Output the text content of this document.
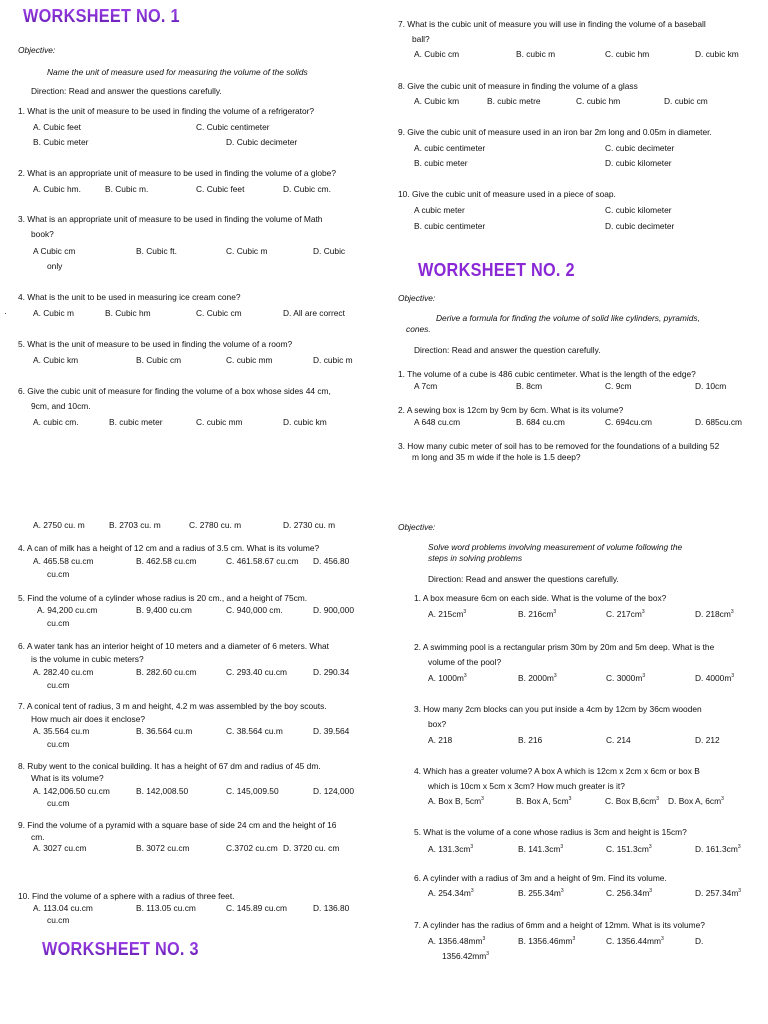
WORKSHEET NO. 1
Objective:
Name the unit of measure used for measuring the volume of the solids
Direction: Read and answer the questions carefully.
1. What is the unit of measure to be used in finding the volume of a refrigerator?
A. Cubic feet	C. Cubic centimeter
B. Cubic meter	D. Cubic decimeter
2. What is an appropriate unit of measure to be used in finding the volume of a globe?
A. Cubic hm.	B. Cubic m.	C. Cubic feet	D. Cubic cm.
3. What is an appropriate unit of measure to be used in finding the volume of Math
book?
A Cubic cm	B. Cubic ft.	C. Cubic m	D. Cubic
only
4. What is the unit to be used in measuring ice cream cone?
·	A. Cubic m	B. Cubic hm	C. Cubic cm	D. All are correct
5. What is the unit of measure to be used in finding the volume of a room?
A. Cubic km	B. Cubic cm	C. cubic mm	D. cubic m
6. Give the cubic unit of measure for finding the volume of a box whose sides 44 cm,
9cm, and 10cm.
A. cubic cm.	B. cubic meter	C. cubic mm	D. cubic km
A. 2750 cu. m	B. 2703 cu. m	C. 2780 cu. m	D. 2730 cu. m
4. A can of milk has a height of 12 cm and a radius of 3.5 cm. What is its volume?
A. 465.58 cu.cm	B. 462.58 cu.cm	C. 461.58.67 cu.cm D. 456.80
cu.cm
5. Find the volume of a cylinder whose radius is 20 cm., and a height of 75cm.
A. 94,200 cu.cm	B. 9,400 cu.cm	C. 940,000 cm.	D. 900,000
cu.cm
6. A water tank has an interior height of 10 meters and a diameter of 6 meters. What
is the volume in cubic meters?
A. 282.40 cu.cm	B. 282.60 cu.cm	C. 293.40 cu.cm	D. 290.34
cu.cm
7. A conical tent of radius, 3 m and height, 4.2 m was assembled by the boy scouts.
How much air does it enclose?
A. 35.564 cu.m	B. 36.564 cu.m	C. 38.564 cu.m	D. 39.564
cu.cm
8. Ruby went to the conical building. It has a height of 67 dm and radius of 45 dm.
What is its volume?
A. 142,006.50 cu.cm	B. 142,008.50	C. 145,009.50	D. 124,000
cu.cm
9. Find the volume of a pyramid with a square base of side 24 cm and the height of 16
cm.
A. 3027 cu.cm	B. 3072 cu.cm	C.3702 cu.cm D. 3720 cu. cm
10. Find the volume of a sphere with a radius of three feet.
A. 113.04 cu.cm	B. 113.05 cu.cm	C. 145.89 cu.cm	D. 136.80
cu.cm
WORKSHEET NO. 3
7. What is the cubic unit of measure you will use in finding the volume of a baseball
ball?
A. Cubic cm	B. cubic m	C. cubic hm	D. cubic km
8. Give the cubic unit of measure in finding the volume of a glass
A. Cubic km	B. cubic metre	C. cubic hm	D. cubic cm
9. Give the cubic unit of measure used in an iron bar 2m long and 0.05m in diameter.
A. cubic centimeter	C. cubic decimeter
B. cubic meter	D. cubic kilometer
10. Give the cubic unit of measure used in a piece of soap.
A cubic meter	C. cubic kilometer
B. cubic centimeter	D. cubic decimeter
WORKSHEET NO. 2
Objective:
Derive a formula for finding the volume of solid like cylinders, pyramids,
cones.
Direction: Read and answer the question carefully.
1. The volume of a cube is 486 cubic centimeter. What is the length of the edge?
A 7cm	B. 8cm	C. 9cm	D. 10cm
2. A sewing box is 12cm by 9cm by 6cm. What is its volume?
A 648 cu.cm	B. 684 cu.cm	C. 694cu.cm	D. 685cu.cm
3. How many cubic meter of soil has to be removed for the foundations of a building 52
m long and 35 m wide if the hole is 1.5 deep?
Objective:
Solve word problems involving measurement of volume following the
steps in solving problems
Direction: Read and answer the questions carefully.
1. A box measure 6cm on each side. What is the volume of the box?
A. $215cm^3$	B. $216cm^3$	C. $217cm^3$	D. $218cm^3$
2. A swimming pool is a rectangular prism 30m by 20m and 5m deep. What is the
volume of the pool?
A. $1000m^3$	B. $2000m^3$	C. $3000m^3$	D. $4000m^3$
3. How many 2cm blocks can you put inside a 4cm by 12cm by 36cm wooden
box?
A. 218	B. 216	C. 214	D. 212
4. Which has a greater volume? A box A which is 12cm x 2cm x 6cm or box B
which is 10cm x 5cm x 3cm? How much greater is it?
A. Box B, $5cm^3$	B. Box A, $5cm^3$	C. Box $B,6cm^3$ D. Box A, $6cm^3$
5. What is the volume of a cone whose radius is 3cm and height is 15cm?
A. $131.3cm^3$	B. $141.3cm^3$	C. $151.3cm^3$	D. $161.3cm^3$
6. A cylinder with a radius of 3m and a height of 9m. Find its volume.
A. $254.34m^3$	B. $255.34m^3$	C. $256.34m^3$	D. $257.34m^3$
7. A cylinder has the radius of 6mm and a height of 12mm. What is its volume?
A. $1356.48mm^3$	B. $1356.46mm^3$	C. $1356.44mm^3$	D.
$1356.42mm^3$
